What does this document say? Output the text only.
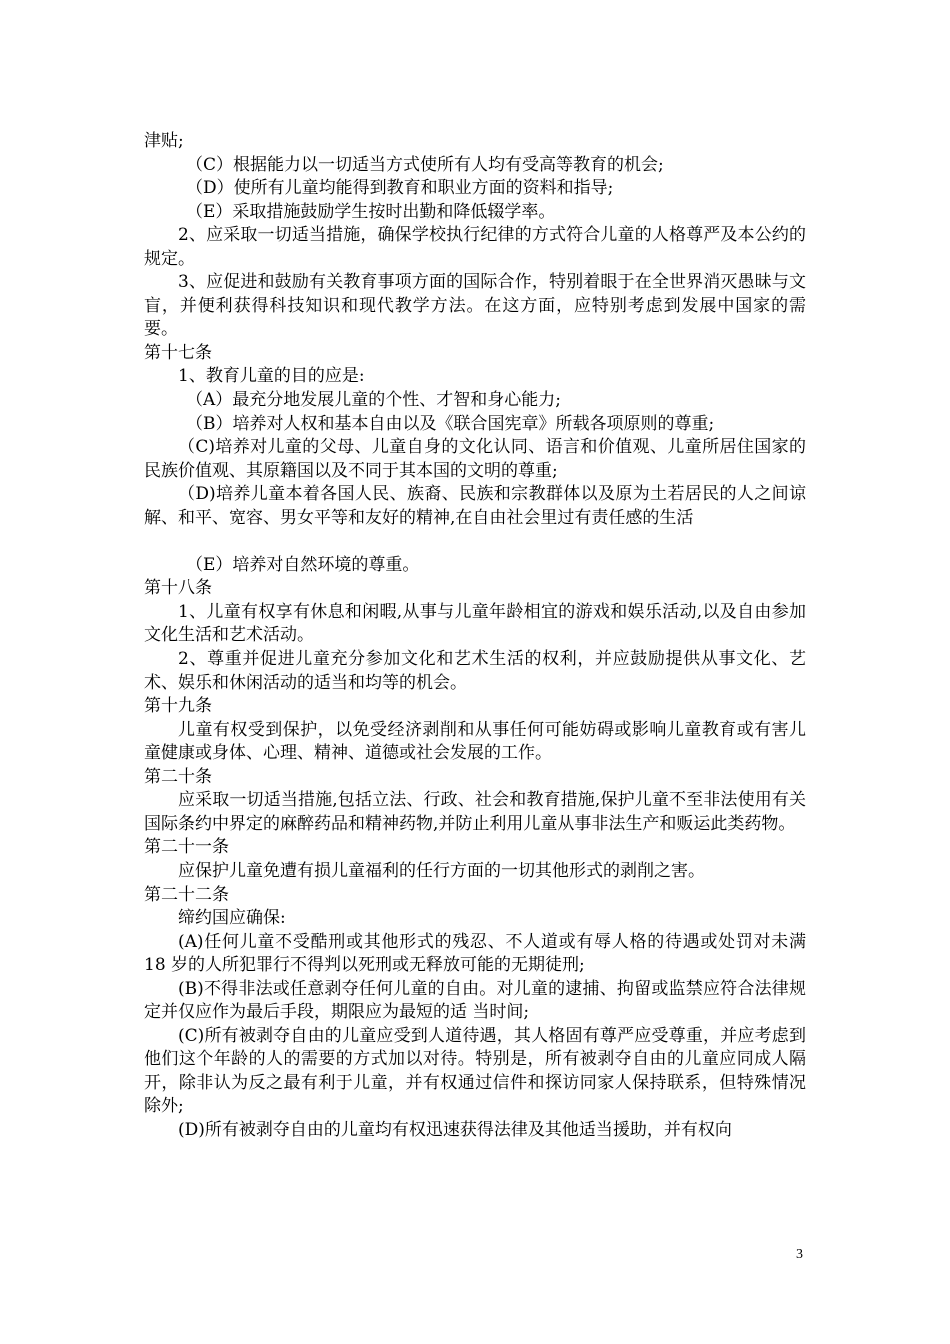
津贴;

（C）根据能力以一切适当方式使所有人均有受高等教育的机会;

（D）使所有儿童均能得到教育和职业方面的资料和指导;

（E）采取措施鼓励学生按时出勤和降低辍学率。

2、应采取一切适当措施，确保学校执行纪律的方式符合儿童的人格尊严及本公约的规定。

3、应促进和鼓励有关教育事项方面的国际合作，特别着眼于在全世界消灭愚昧与文盲，并便利获得科技知识和现代教学方法。在这方面，应特别考虑到发展中国家的需要。

第十七条

1、教育儿童的目的应是:

（A）最充分地发展儿童的个性、才智和身心能力;

（B）培养对人权和基本自由以及《联合国宪章》所载各项原则的尊重;

（C)培养对儿童的父母、儿童自身的文化认同、语言和价值观、儿童所居住国家的民族价值观、其原籍国以及不同于其本国的文明的尊重;

（D)培养儿童本着各国人民、族裔、民族和宗教群体以及原为土若居民的人之间谅解、和平、宽容、男女平等和友好的精神,在自由社会里过有责任感的生活

（E）培养对自然环境的尊重。

第十八条

1、儿童有权享有休息和闲暇,从事与儿童年龄相宜的游戏和娱乐活动,以及自由参加文化生活和艺术活动。

2、尊重并促进儿童充分参加文化和艺术生活的权利，并应鼓励提供从事文化、艺术、娱乐和休闲活动的适当和均等的机会。

第十九条

儿童有权受到保护，以免受经济剥削和从事任何可能妨碍或影响儿童教育或有害儿童健康或身体、心理、精神、道德或社会发展的工作。

第二十条

应采取一切适当措施,包括立法、行政、社会和教育措施,保护儿童不至非法使用有关国际条约中界定的麻醉药品和精神药物,并防止利用儿童从事非法生产和贩运此类药物。

第二十一条

应保护儿童免遭有损儿童福利的任行方面的一切其他形式的剥削之害。

第二十二条

缔约国应确保:

(A)任何儿童不受酷刑或其他形式的残忍、不人道或有辱人格的待遇或处罚对未满 18 岁的人所犯罪行不得判以死刑或无释放可能的无期徒刑;

(B)不得非法或任意剥夺任何儿童的自由。对儿童的逮捕、拘留或监禁应符合法律规定并仅应作为最后手段，期限应为最短的适 当时间;

(C)所有被剥夺自由的儿童应受到人道待遇，其人格固有尊严应受尊重，并应考虑到他们这个年龄的人的需要的方式加以对待。特别是，所有被剥夺自由的儿童应同成人隔开，除非认为反之最有利于儿童，并有权通过信件和探访同家人保持联系，但特殊情况除外;

(D)所有被剥夺自由的儿童均有权迅速获得法律及其他适当援助，并有权向

3
